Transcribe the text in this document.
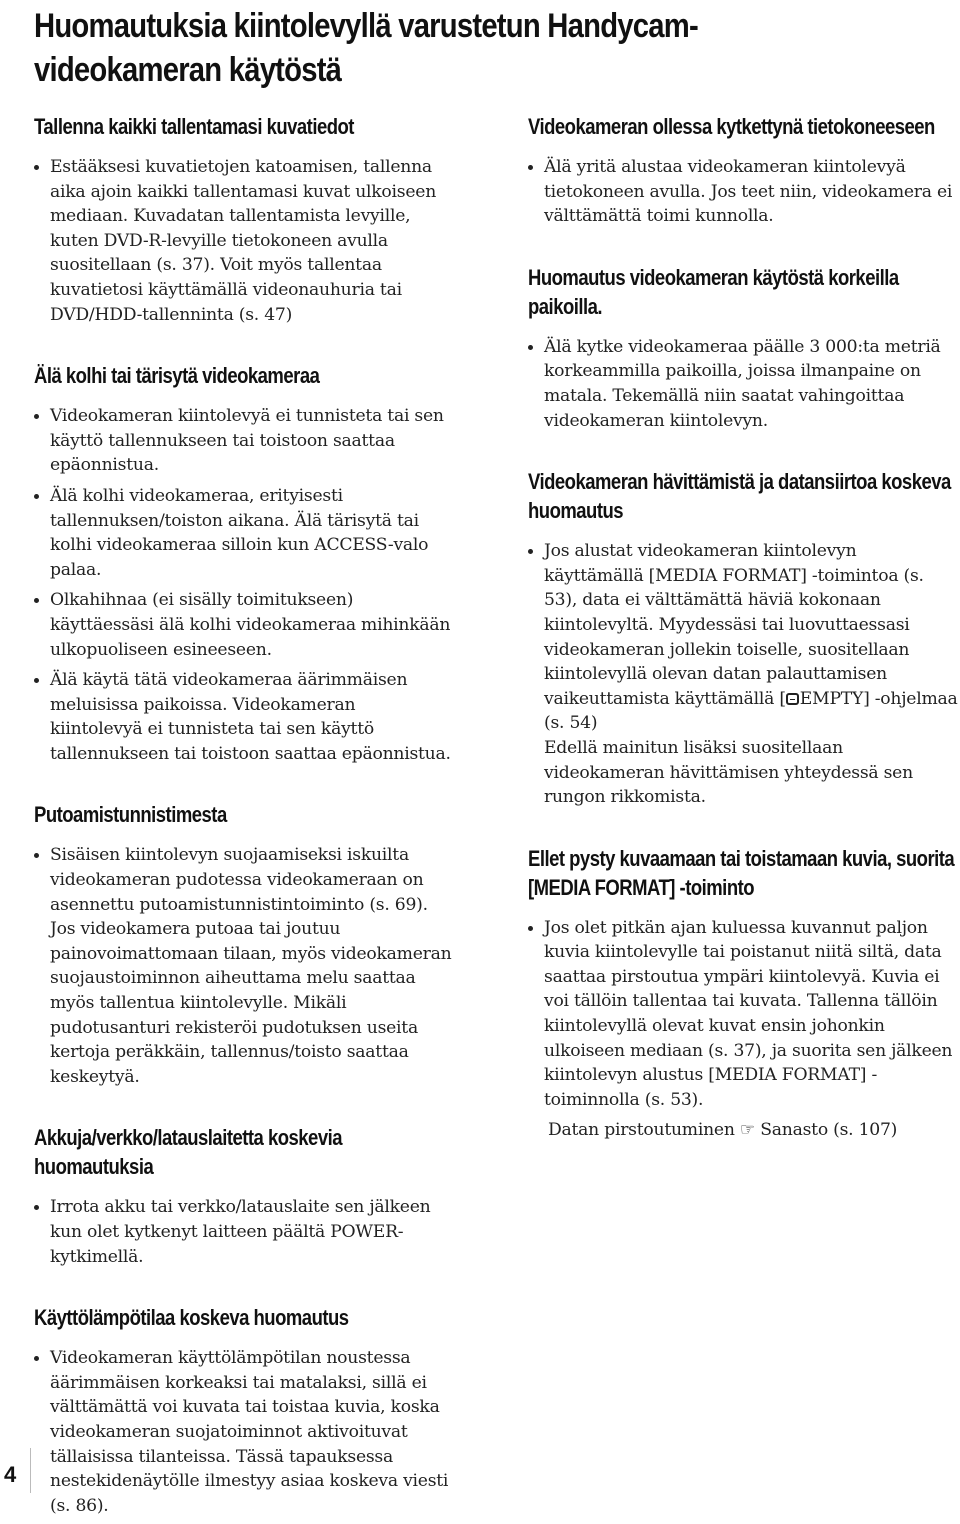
Huomautuksia kiintolevyllä varustetun Handycam-videokameran käytöstä
Tallenna kaikki tallentamasi kuvatiedot
Estääksesi kuvatietojen katoamisen, tallenna aika ajoin kaikki tallentamasi kuvat ulkoiseen mediaan. Kuvadatan tallentamista levyille, kuten DVD-R-levyille tietokoneen avulla suositellaan (s. 37). Voit myös tallentaa kuvatietosi käyttämällä videonauhuria tai DVD/HDD-tallenninta (s. 47)
Älä kolhi tai tärisytä videokameraa
Videokameran kiintolevyä ei tunnisteta tai sen käyttö tallennukseen tai toistoon saattaa epäonnistua.
Älä kolhi videokameraa, erityisesti tallennuksen/toiston aikana. Älä tärisytä tai kolhi videokameraa silloin kun ACCESS-valo palaa.
Olkahihnaa (ei sisälly toimitukseen) käyttäessäsi älä kolhi videokameraa mihinkään ulkopuoliseen esineeseen.
Älä käytä tätä videokameraa äärimmäisen meluisissa paikoissa. Videokameran kiintolevyä ei tunnisteta tai sen käyttö tallennukseen tai toistoon saattaa epäonnistua.
Putoamistunnistimesta
Sisäisen kiintolevyn suojaamiseksi iskuilta videokameran pudotessa videokameraan on asennettu putoamistunnistintoiminto (s. 69). Jos videokamera putoaa tai joutuu painovoimattomaan tilaan, myös videokameran suojaustoiminnon aiheuttama melu saattaa myös tallentua kiintolevylle. Mikäli pudotusanturi rekisteröi pudotuksen useita kertoja peräkkäin, tallennus/toisto saattaa keskeytyä.
Akkuja/verkko/latauslaitetta koskevia huomautuksia
Irrota akku tai verkko/latauslaite sen jälkeen kun olet kytkenyt laitteen päältä POWER-kytkimellä.
Käyttölämpötilaa koskeva huomautus
Videokameran käyttölämpötilan noustessa äärimmäisen korkeaksi tai matalaksi, sillä ei välttämättä voi kuvata tai toistaa kuvia, koska videokameran suojatoiminnot aktivoituvat tällaisissa tilanteissa. Tässä tapauksessa nestekidenäytölle ilmestyy asiaa koskeva viesti (s. 86).
Videokameran ollessa kytkettynä tietokoneeseen
Älä yritä alustaa videokameran kiintolevyä tietokoneen avulla. Jos teet niin, videokamera ei välttämättä toimi kunnolla.
Huomautus videokameran käytöstä korkeilla paikoilla.
Älä kytke videokameraa päälle 3 000:ta metriä korkeammilla paikoilla, joissa ilmanpaine on matala. Tekemällä niin saatat vahingoittaa videokameran kiintolevyn.
Videokameran hävittämistä ja datansiirtoa koskeva huomautus
Jos alustat videokameran kiintolevyn käyttämällä [MEDIA FORMAT] -toimintoa (s. 53), data ei välttämättä häviä kokonaan kiintolevyltä. Myydessäsi tai luovuttaessasi videokameran jollekin toiselle, suositellaan kiintolevyllä olevan datan palauttamisen vaikeuttamista käyttämällä [ EMPTY] -ohjelmaa (s. 54)
Edellä mainitun lisäksi suositellaan videokameran hävittämisen yhteydessä sen rungon rikkomista.
Ellet pysty kuvaamaan tai toistamaan kuvia, suorita [MEDIA FORMAT] -toiminto
Jos olet pitkän ajan kuluessa kuvannut paljon kuvia kiintolevylle tai poistanut niitä siltä, data saattaa pirstoutua ympäri kiintolevyä. Kuvia ei voi tällöin tallentaa tai kuvata. Tallenna tällöin kiintolevyllä olevat kuvat ensin johonkin ulkoiseen mediaan (s. 37), ja suorita sen jälkeen kiintolevyn alustus [MEDIA FORMAT] -toiminnolla (s. 53).
Datan pirstoutuminen ☞ Sanasto (s. 107)
4
